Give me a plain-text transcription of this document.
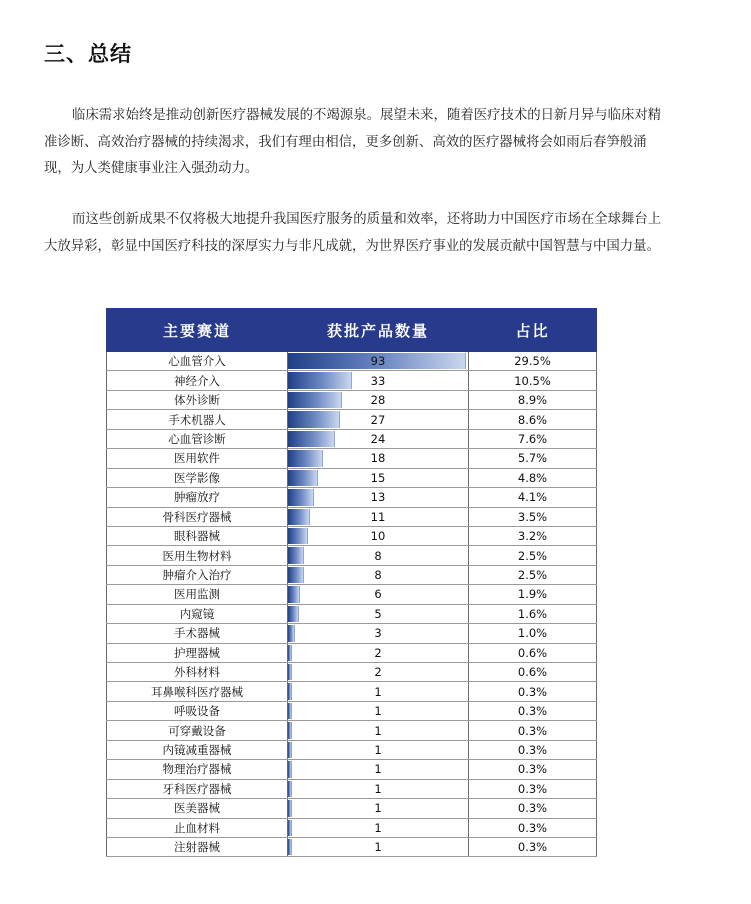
三、总结

临床需求始终是推动创新医疗器械发展的不竭源泉。展望未来，随着医疗技术的日新月异与临床对精准诊断、高效治疗器械的持续渴求，我们有理由相信，更多创新、高效的医疗器械将会如雨后春笋般涌现，为人类健康事业注入强劲动力。

而这些创新成果不仅将极大地提升我国医疗服务的质量和效率，还将助力中国医疗市场在全球舞台上大放异彩，彰显中国医疗科技的深厚实力与非凡成就，为世界医疗事业的发展贡献中国智慧与中国力量。

主要赛道	获批产品数量	占比
心血管介入	93	29.5%
神经介入	33	10.5%
体外诊断	28	8.9%
手术机器人	27	8.6%
心血管诊断	24	7.6%
医用软件	18	5.7%
医学影像	15	4.8%
肿瘤放疗	13	4.1%
骨科医疗器械	11	3.5%
眼科器械	10	3.2%
医用生物材料	8	2.5%
肿瘤介入治疗	8	2.5%
医用监测	6	1.9%
内窥镜	5	1.6%
手术器械	3	1.0%
护理器械	2	0.6%
外科材料	2	0.6%
耳鼻喉科医疗器械	1	0.3%
呼吸设备	1	0.3%
可穿戴设备	1	0.3%
内镜减重器械	1	0.3%
物理治疗器械	1	0.3%
牙科医疗器械	1	0.3%
医美器械	1	0.3%
止血材料	1	0.3%
注射器械	1	0.3%
